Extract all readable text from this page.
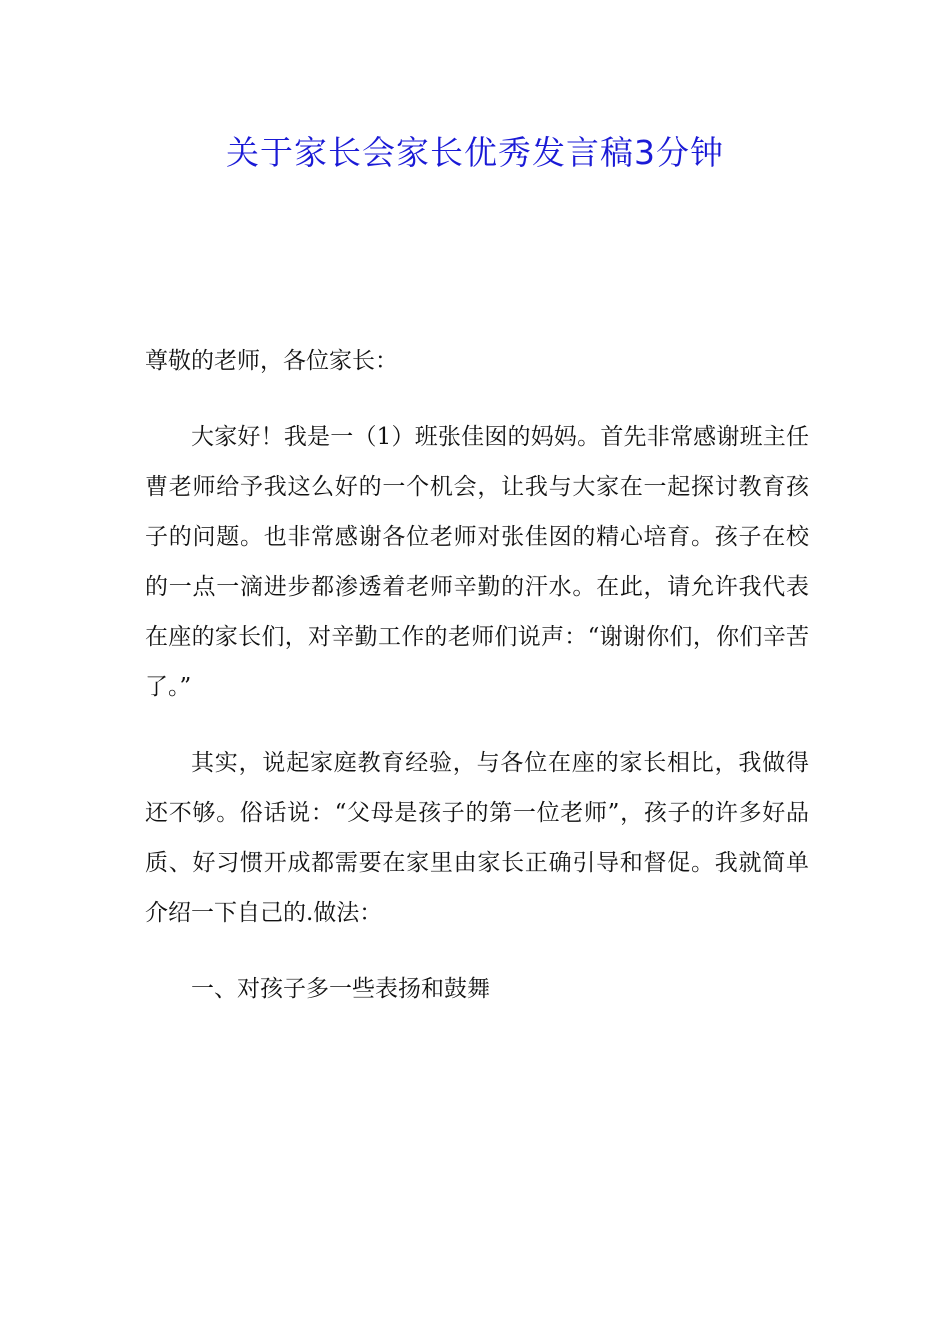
关于家长会家长优秀发言稿3分钟

尊敬的老师，各位家长：

大家好！我是一（1）班张佳囡的妈妈。首先非常感谢班主任曹老师给予我这么好的一个机会，让我与大家在一起探讨教育孩子的问题。也非常感谢各位老师对张佳囡的精心培育。孩子在校的一点一滴进步都渗透着老师辛勤的汗水。在此，请允许我代表在座的家长们，对辛勤工作的老师们说声：“谢谢你们，你们辛苦了。”

其实，说起家庭教育经验，与各位在座的家长相比，我做得还不够。俗话说：“父母是孩子的第一位老师”，孩子的许多好品质、好习惯开成都需要在家里由家长正确引导和督促。我就简单介绍一下自己的.做法：

一、对孩子多一些表扬和鼓舞
